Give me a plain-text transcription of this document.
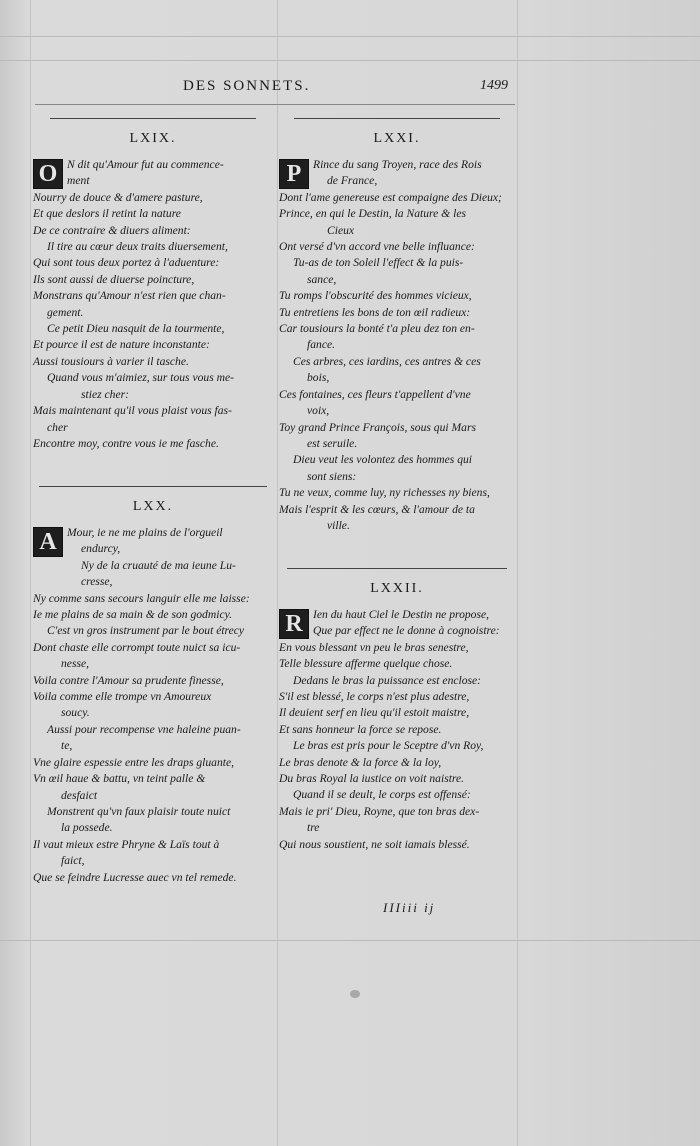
DES SONNETS.	1499
LXIX.
O N dit qu'Amour fut au commence-
ment
Nourry de douce & d'amere pasture,
Et que deslors il retint la nature
De ce contraire & diuers aliment:
Il tire au cœur deux traits diuersement,
Qui sont tous deux portez à l'aduenture:
Ils sont aussi de diuerse poincture,
Monstrans qu'Amour n'est rien que chan-
gement.
Ce petit Dieu nasquit de la tourmente,
Et pource il est de nature inconstante:
Aussi tousiours à varier il tasche.
Quand vous m'aimiez, sur tous vous me-
stiez cher:
Mais maintenant qu'il vous plaist vous fas-
cher
Encontre moy, contre vous ie me fasche.
LXX.
A Mour, ie ne me plains de l'orgueil
endurcy,
Ny de la cruauté de ma ieune Lu-
cresse,
Ny comme sans secours languir elle me laisse:
Ie me plains de sa main & de son godmicy.
C'est vn gros instrument par le bout étrecy
Dont chaste elle corrompt toute nuict sa icu-
nesse,
Voila contre l'Amour sa prudente finesse,
Voila comme elle trompe vn Amoureux
soucy.
Aussi pour recompense vne haleine puan-
te,
Vne glaire espessie entre les draps gluante,
Vn œil haue & battu, vn teint palle &
desfaict
Monstrent qu'vn faux plaisir toute nuict
la possede.
Il vaut mieux estre Phryne & Laïs tout à
faict,
Que se feindre Lucresse auec vn tel remede.
LXXI.
P	Rince du sang Troyen, race des Rois
de France,
Dont l'ame genereuse est compaigne des Dieux;
Prince, en qui le Destin, la Nature & les
Cieux
Ont versé d'vn accord vne belle influance:
Tu-as de ton Soleil l'effect & la puis-
sance,
Tu romps l'obscurité des hommes vicieux,
Tu entretiens les bons de ton œil radieux:
Car tousiours la bonté t'a pleu dez ton en-
fance.
Ces arbres, ces iardins, ces antres & ces
bois,
Ces fontaines, ces fleurs t'appellent d'vne
voix,
Toy grand Prince François, sous qui Mars
est seruile.
Dieu veut les volontez des hommes qui
sont siens:
Tu ne veux, comme luy, ny richesses ny biens,
Mais l'esprit & les cœurs, & l'amour de ta
ville.
LXXII.
R Ien du haut Ciel le Destin ne propose,
Que par effect ne le donne à cognoistre:
En vous blessant vn peu le bras senestre,
Telle blessure afferme quelque chose.
Dedans le bras la puissance est enclose:
S'il est blessé, le corps n'est plus adestre,
Il deuient serf en lieu qu'il estoit maistre,
Et sans honneur la force se repose.
Le bras est pris pour le Sceptre d'vn Roy,
Le bras denote & la force & la loy,
Du bras Royal la iustice on voit naistre.
Quand il se deult, le corps est offensé:
Mais ie pri' Dieu, Royne, que ton bras dex-
tre
Qui nous soustient, ne soit iamais blessé.
IIIiii ij
